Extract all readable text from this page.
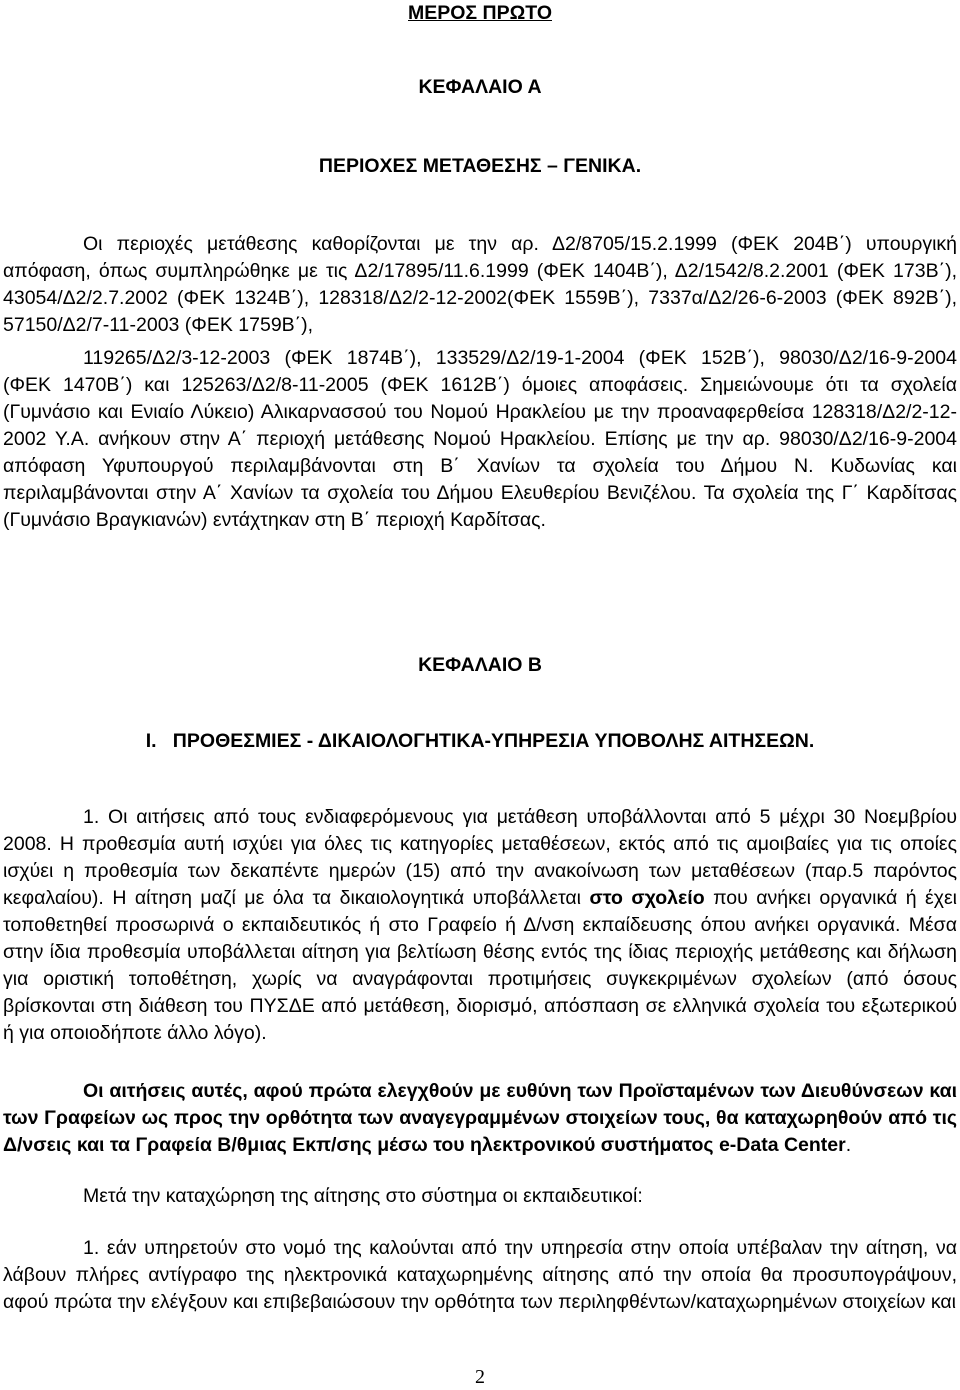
ΜΕΡΟΣ ΠΡΩΤΟ
ΚΕΦΑΛΑΙΟ Α
ΠΕΡΙΟΧΕΣ ΜΕΤΑΘΕΣΗΣ – ΓΕΝΙΚΑ.

Οι περιοχές μετάθεσης καθορίζονται με την αρ. Δ2/8705/15.2.1999 (ΦΕΚ 204Β΄) υπουργική απόφαση, όπως συμπληρώθηκε με τις Δ2/17895/11.6.1999 (ΦΕΚ 1404Β΄), Δ2/1542/8.2.2001 (ΦΕΚ 173Β΄), 43054/Δ2/2.7.2002 (ΦΕΚ 1324Β΄), 128318/Δ2/2-12-2002(ΦΕΚ 1559Β΄), 7337α/Δ2/26-6-2003 (ΦΕΚ 892Β΄), 57150/Δ2/7-11-2003 (ΦΕΚ 1759Β΄),

119265/Δ2/3-12-2003 (ΦΕΚ 1874Β΄), 133529/Δ2/19-1-2004 (ΦΕΚ 152Β΄), 98030/Δ2/16-9-2004 (ΦΕΚ 1470Β΄) και 125263/Δ2/8-11-2005 (ΦΕΚ 1612Β΄) όμοιες αποφάσεις. Σημειώνουμε ότι τα σχολεία (Γυμνάσιο και Ενιαίο Λύκειο) Αλικαρνασσού του Νομού Ηρακλείου με την προαναφερθείσα 128318/Δ2/2-12-2002 Υ.Α. ανήκουν στην Α΄ περιοχή μετάθεσης Νομού Ηρακλείου. Επίσης με την αρ. 98030/Δ2/16-9-2004 απόφαση Υφυπουργού περιλαμβάνονται στη Β΄ Χανίων τα σχολεία του Δήμου Ν. Κυδωνίας και περιλαμβάνονται στην Α΄ Χανίων τα σχολεία του Δήμου Ελευθερίου Βενιζέλου. Τα σχολεία της Γ΄ Καρδίτσας (Γυμνάσιο Βραγκιανών) εντάχτηκαν στη Β΄ περιοχή Καρδίτσας.

ΚΕΦΑΛΑΙΟ Β
Ι.   ΠΡΟΘΕΣΜΙΕΣ - ΔΙΚΑΙΟΛΟΓΗΤΙΚΑ-ΥΠΗΡΕΣΙΑ ΥΠΟΒΟΛΗΣ ΑΙΤΗΣΕΩΝ.

1. Οι αιτήσεις από τους ενδιαφερόμενους για μετάθεση υποβάλλονται από 5 μέχρι 30 Νοεμβρίου 2008. Η προθεσμία αυτή ισχύει για όλες τις κατηγορίες μεταθέσεων, εκτός από τις αμοιβαίες για τις οποίες ισχύει η προθεσμία των δεκαπέντε ημερών (15) από την ανακοίνωση των μεταθέσεων (παρ.5 παρόντος κεφαλαίου). Η αίτηση μαζί με όλα τα δικαιολογητικά υποβάλλεται στο σχολείο που ανήκει οργανικά ή έχει τοποθετηθεί προσωρινά ο εκπαιδευτικός ή στο Γραφείο ή Δ/νση εκπαίδευσης όπου ανήκει οργανικά. Μέσα στην ίδια προθεσμία υποβάλλεται αίτηση για βελτίωση θέσης εντός της ίδιας περιοχής μετάθεσης και δήλωση για οριστική τοποθέτηση, χωρίς να αναγράφονται προτιμήσεις συγκεκριμένων σχολείων (από όσους βρίσκονται στη διάθεση του ΠΥΣΔΕ από μετάθεση, διορισμό, απόσπαση σε ελληνικά σχολεία του εξωτερικού ή για οποιοδήποτε άλλο λόγο).

Οι αιτήσεις αυτές, αφού πρώτα ελεγχθούν με ευθύνη των Προϊσταμένων των Διευθύνσεων και των Γραφείων ως προς την ορθότητα των αναγεγραμμένων στοιχείων τους, θα καταχωρηθούν από τις Δ/νσεις και τα Γραφεία Β/θμιας Εκπ/σης μέσω του ηλεκτρονικού συστήματος e-Data Center.

Μετά την καταχώρηση της αίτησης στο σύστημα οι εκπαιδευτικοί:

1. εάν υπηρετούν στο νομό της καλούνται από την υπηρεσία στην οποία υπέβαλαν την αίτηση, να λάβουν πλήρες αντίγραφο της ηλεκτρονικά καταχωρημένης αίτησης από την οποία θα προσυπογράψουν, αφού πρώτα την ελέγξουν και επιβεβαιώσουν την ορθότητα των περιληφθέντων/καταχωρημένων στοιχείων και

2
